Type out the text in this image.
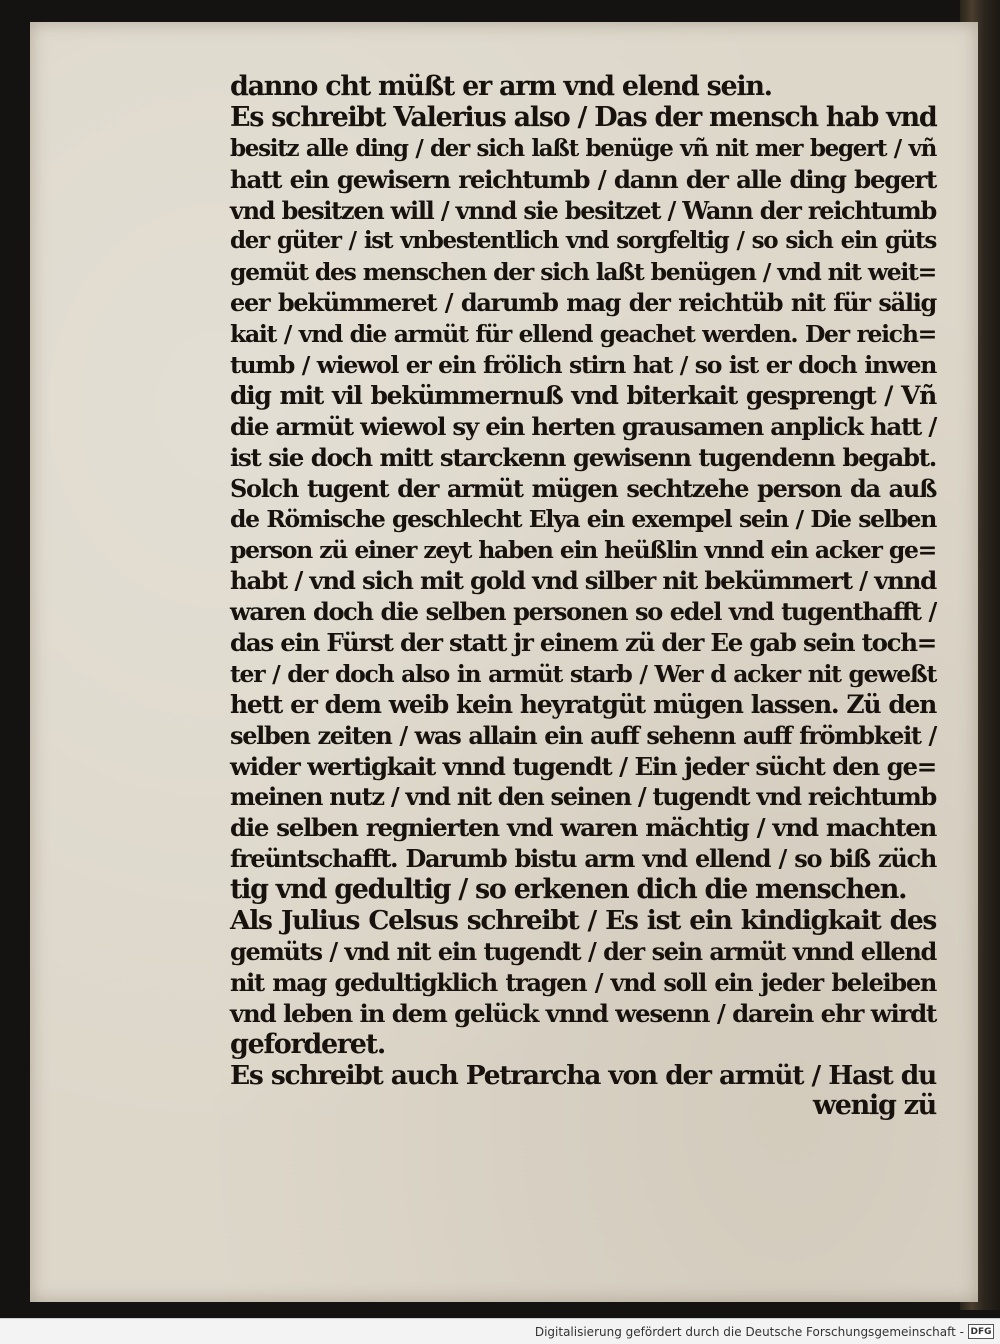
danno cht müßt er arm vnd elend sein.
Es schreibt Valerius also / Das der mensch hab vnd
besitz alle ding / der sich laßt benüge vñ nit mer begert / vñ
hatt ein gewisern reichtumb / dann der alle ding begert
vnd besitzen will / vnnd sie besitzet / Wann der reichtumb
der güter / ist vnbestentlich vnd sorgfeltig / so sich ein güts
gemüt des menschen der sich laßt benügen / vnd nit weit=
eer bekümmeret / darumb mag der reichtüb nit für sälig
kait / vnd die armüt für ellend geachet werden. Der reich=
tumb / wiewol er ein frölich stirn hat / so ist er doch inwen
dig mit vil bekümmernuß vnd biterkait gesprengt / Vñ
die armüt wiewol sy ein herten grausamen anplick hatt /
ist sie doch mitt starckenn gewisenn tugendenn begabt.
Solch tugent der armüt mügen sechtzehe person da auß
de Römische geschlecht Elya ein exempel sein / Die selben
person zü einer zeyt haben ein heüßlin vnnd ein acker ge=
habt / vnd sich mit gold vnd silber nit bekümmert / vnnd
waren doch die selben personen so edel vnd tugenthafft /
das ein Fürst der statt jr einem zü der Ee gab sein toch=
ter / der doch also in armüt starb / Wer d acker nit geweßt
hett er dem weib kein heyratgüt mügen lassen. Zü den
selben zeiten / was allain ein auff sehenn auff frömbkeit /
wider wertigkait vnnd tugendt / Ein jeder sücht den ge=
meinen nutz / vnd nit den seinen / tugendt vnd reichtumb
die selben regnierten vnd waren mächtig / vnd machten
freüntschafft. Darumb bistu arm vnd ellend / so biß züch
tig vnd gedultig / so erkenen dich die menschen.
Als Julius Celsus schreibt / Es ist ein kindigkait des
gemüts / vnd nit ein tugendt / der sein armüt vnnd ellend
nit mag gedultigklich tragen / vnd soll ein jeder beleiben
vnd leben in dem gelück vnnd wesenn / darein ehr wirdt
geforderet.
Es schreibt auch Petrarcha von der armüt / Hast du
wenig zü
Digitalisierung gefördert durch die Deutsche Forschungsgemeinschaft - DFG
